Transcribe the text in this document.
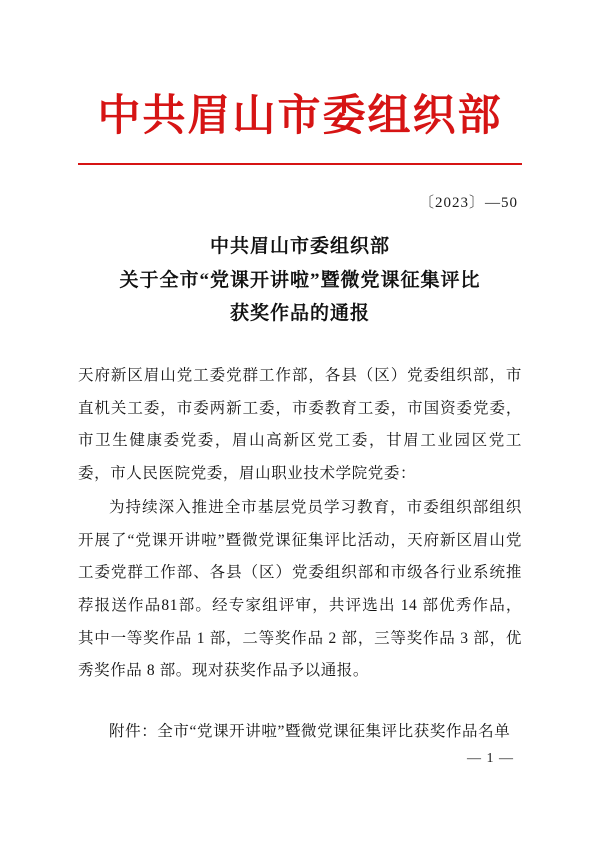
中共眉山市委组织部
〔2023〕—50
中共眉山市委组织部
关于全市“党课开讲啦”暨微党课征集评比
获奖作品的通报

天府新区眉山党工委党群工作部，各县（区）党委组织部，市直机关工委，市委两新工委，市委教育工委，市国资委党委，市卫生健康委党委，眉山高新区党工委，甘眉工业园区党工委，市人民医院党委，眉山职业技术学院党委：

为持续深入推进全市基层党员学习教育，市委组织部组织开展了“党课开讲啦”暨微党课征集评比活动，天府新区眉山党工委党群工作部、各县（区）党委组织部和市级各行业系统推荐报送作品81部。经专家组评审，共评选出 14 部优秀作品，其中一等奖作品 1 部，二等奖作品 2 部，三等奖作品 3 部，优秀奖作品 8 部。现对获奖作品予以通报。

附件：全市“党课开讲啦”暨微党课征集评比获奖作品名单
— 1 —
